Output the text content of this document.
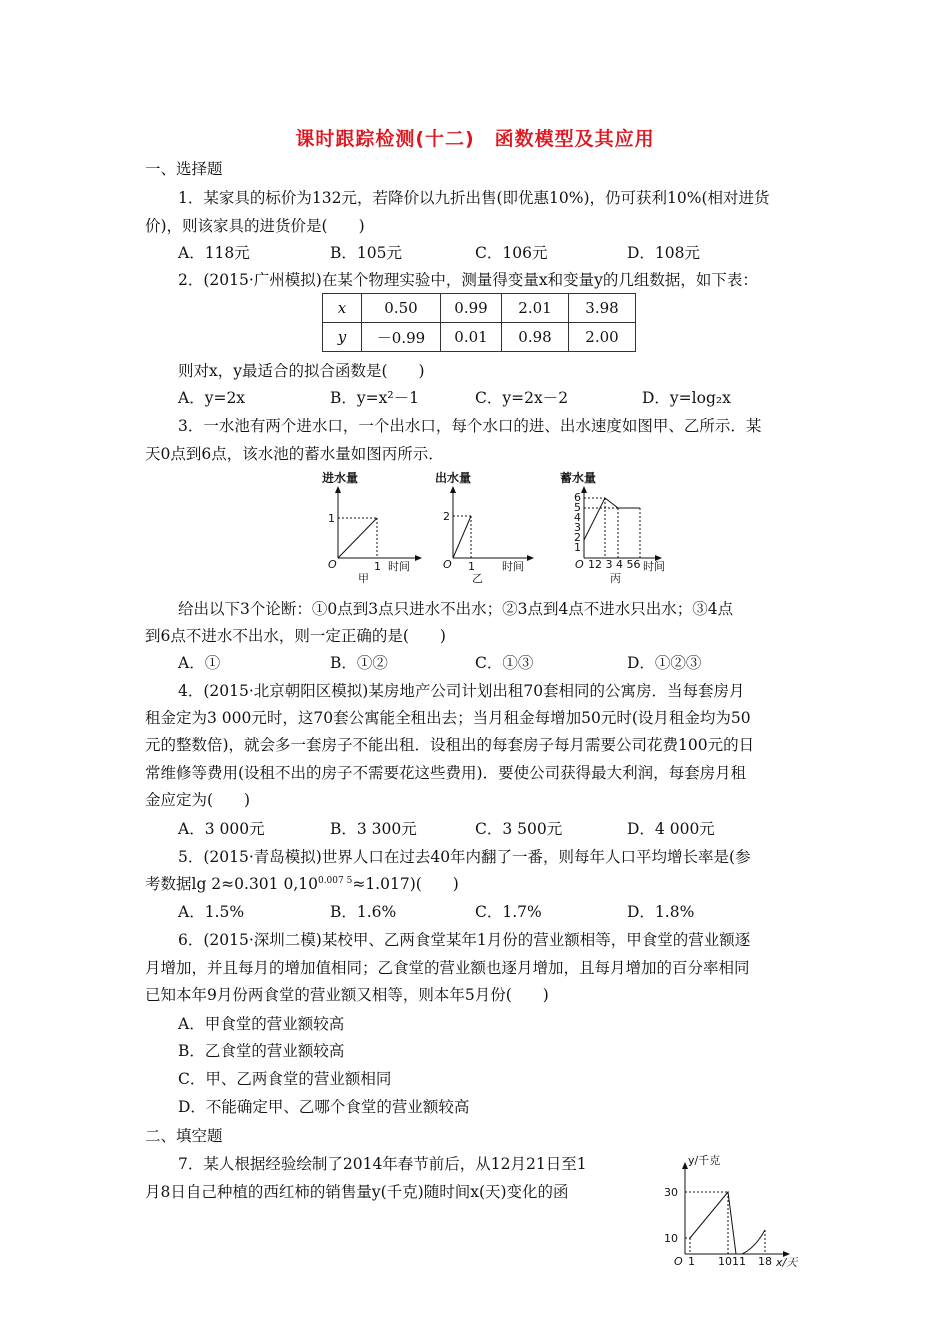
课时跟踪检测(十二)　函数模型及其应用
一、选择题
1．某家具的标价为132元，若降价以九折出售(即优惠10%)，仍可获利10%(相对进货
价)，则该家具的进货价是(　　)
A．118元	B．105元	C．106元	D．108元
2．(2015·广州模拟)在某个物理实验中，测量得变量x和变量y的几组数据，如下表：
x	0.50	0.99	2.01	3.98
y	－0.99	0.01	0.98	2.00
则对x，y最适合的拟合函数是(　　)
A．y=2x	B．y=x²－1	C．y=2x－2	D．y=log₂x
3．一水池有两个进水口，一个出水口，每个水口的进、出水速度如图甲、乙所示．某
天0点到6点，该水池的蓄水量如图丙所示．
进水量
1
1
O	时间
甲
出水量
2
1
O	时间
乙
蓄水量
6
5
4
3
2
1
O 12 3 4 56 时间
丙
给出以下3个论断：①0点到3点只进水不出水；②3点到4点不进水只出水；③4点
到6点不进水不出水，则一定正确的是(　　)
A．①	B．①②	C．①③	D．①②③
4．(2015·北京朝阳区模拟)某房地产公司计划出租70套相同的公寓房．当每套房月
租金定为3 000元时，这70套公寓能全租出去；当月租金每增加50元时(设月租金均为50
元的整数倍)，就会多一套房子不能出租．设租出的每套房子每月需要公司花费100元的日
常维修等费用(设租不出的房子不需要花这些费用)．要使公司获得最大利润，每套房月租
金应定为(　　)
A．3 000元	B．3 300元	C．3 500元	D．4 000元
5．(2015·青岛模拟)世界人口在过去40年内翻了一番，则每年人口平均增长率是(参
考数据lg 2≈0.301 $0,10^{0.007 5}\approx 1.017$)(　　)
A．1.5%	B．1.6%	C．1.7%	D．1.8%
6．(2015·深圳二模)某校甲、乙两食堂某年1月份的营业额相等，甲食堂的营业额逐
月增加，并且每月的增加值相同；乙食堂的营业额也逐月增加，且每月增加的百分率相同
已知本年9月份两食堂的营业额又相等，则本年5月份(　　)
A．甲食堂的营业额较高
B．乙食堂的营业额较高
C．甲、乙两食堂的营业额相同
D．不能确定甲、乙哪个食堂的营业额较高
二、填空题
7．某人根据经验绘制了2014年春节前后，从12月21日至1
月8日自己种植的西红柿的销售量y(千克)随时间x(天)变化的函
y/千克
30
10
O 1 1011 18 x/天
